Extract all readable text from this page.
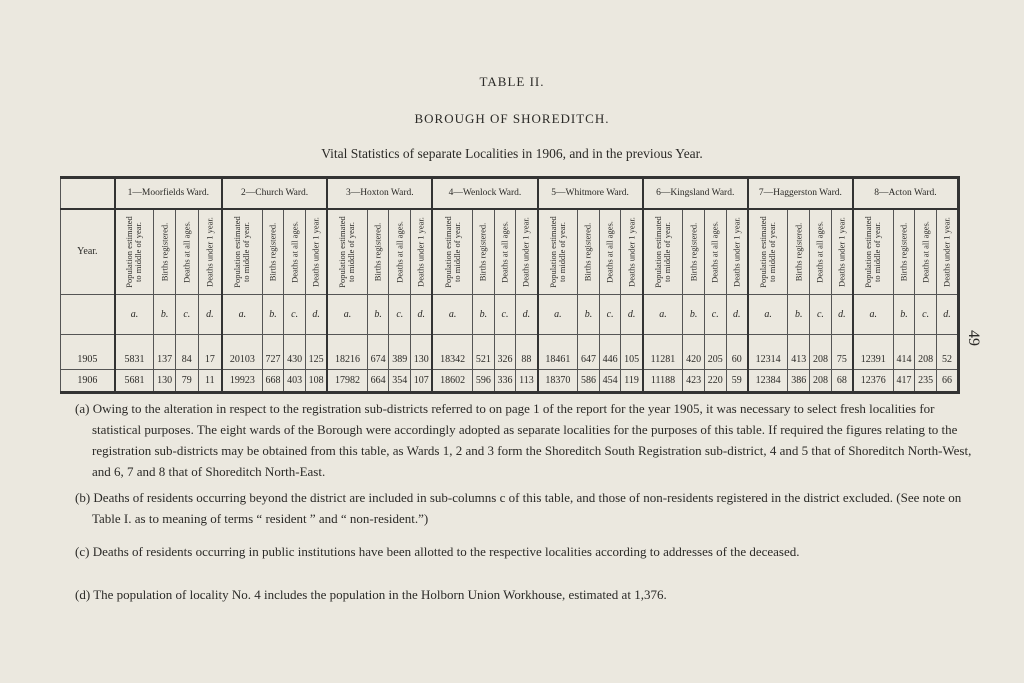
TABLE II.
BOROUGH OF SHOREDITCH.
Vital Statistics of separate Localities in 1906, and in the previous Year.
	1—Moorfields Ward.				2—Church Ward.				3—Hoxton Ward.				4—Wenlock Ward.				5—Whitmore Ward.				6—Kingsland Ward.				7—Haggerston Ward.				8—Acton Ward.			
Year.	Population estimated to middle of year.	Births registered.	Deaths at all ages.	Deaths under 1 year.	Population estimated to middle of year.	Births registered.	Deaths at all ages.	Deaths under 1 year.	Population estimated to middle of year.	Births registered.	Deaths at all ages.	Deaths under 1 year.	Population estimated to middle of year.	Births registered.	Deaths at all ages.	Deaths under 1 year.	Population estimated to middle of year.	Births registered.	Deaths at all ages.	Deaths under 1 year.	Population estimated to middle of year.	Births registered.	Deaths at all ages.	Deaths under 1 year.	Population estimated to middle of year.	Births registered.	Deaths at all ages.	Deaths under 1 year.	Population estimated to middle of year.	Births registered.	Deaths at all ages.	Deaths under 1 year.

	a.	b.	c.	d.	a.	b.	c.	d.	a.	b.	c.	d.	a.	b.	c.	d.	a.	b.	c.	d.	a.	b.	c.	d.	a.	b.	c.	d.	a.	b.	c.	d.
1905	5831	137	84	17	20103	727	430	125	18216	674	389	130	18342	521	326	88	18461	647	446	105	11281	420	205	60	12314	413	208	75	12391	414	208	52
1906	5681	130	79	11	19923	668	403	108	17982	664	354	107	18602	596	336	113	18370	586	454	119	11188	423	220	59	12384	386	208	68	12376	417	235	66
49
(a) Owing to the alteration in respect to the registration sub-districts referred to on page 1 of the report for the year 1905, it was necessary to select fresh localities for statistical purposes. The eight wards of the Borough were accordingly adopted as separate localities for the purposes of this table. If required the figures relating to the registration sub-districts may be obtained from this table, as Wards 1, 2 and 3 form the Shoreditch South Registration sub-district, 4 and 5 that of Shoreditch North-West, and 6, 7 and 8 that of Shoreditch North-East.
(b) Deaths of residents occurring beyond the district are included in sub-columns c of this table, and those of non-residents registered in the district excluded. (See note on Table I. as to meaning of terms “ resident ” and “ non-resident.”)
(c) Deaths of residents occurring in public institutions have been allotted to the respective localities according to addresses of the deceased.
(d) The population of locality No. 4 includes the population in the Holborn Union Workhouse, estimated at 1,376.
